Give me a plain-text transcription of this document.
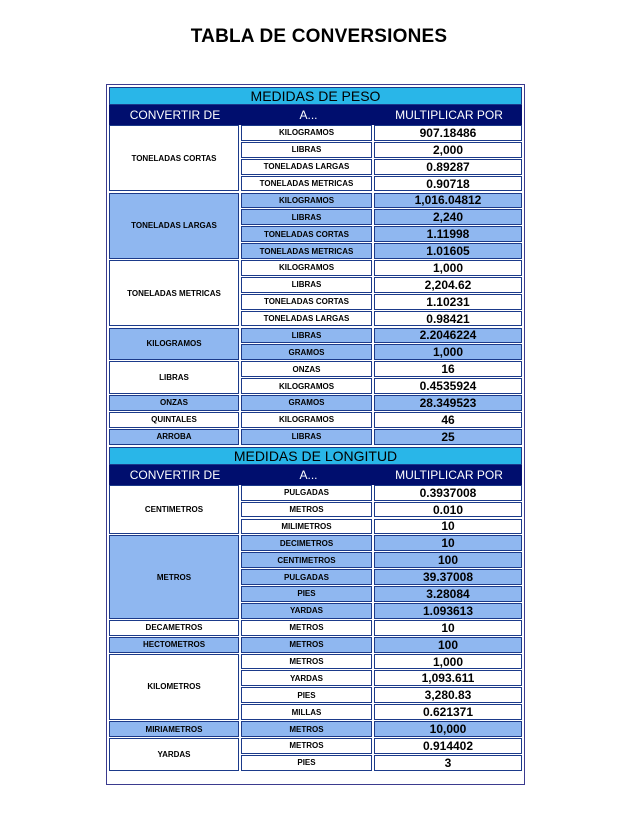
TABLA DE CONVERSIONES
MEDIDAS DE PESO
CONVERTIR DE	A...	MULTIPLICAR POR
TONELADAS CORTAS
KILOGRAMOS	907.18486
LIBRAS	2,000
TONELADAS LARGAS	0.89287
TONELADAS METRICAS	0.90718
TONELADAS LARGAS
KILOGRAMOS	1,016.04812
LIBRAS	2,240
TONELADAS CORTAS	1.11998
TONELADAS METRICAS	1.01605
TONELADAS METRICAS
KILOGRAMOS	1,000
LIBRAS	2,204.62
TONELADAS CORTAS	1.10231
TONELADAS LARGAS	0.98421
KILOGRAMOS
LIBRAS	2.2046224
GRAMOS	1,000
LIBRAS
ONZAS	16
KILOGRAMOS	0.4535924
ONZAS	GRAMOS	28.349523
QUINTALES	KILOGRAMOS	46
ARROBA	LIBRAS	25
MEDIDAS DE LONGITUD
CONVERTIR DE	A...	MULTIPLICAR POR
CENTIMETROS
PULGADAS	0.3937008
METROS	0.010
MILIMETROS	10
METROS
DECIMETROS	10
CENTIMETROS	100
PULGADAS	39.37008
PIES	3.28084
YARDAS	1.093613
DECAMETROS	METROS	10
HECTOMETROS	METROS	100
KILOMETROS
METROS	1,000
YARDAS	1,093.611
PIES	3,280.83
MILLAS	0.621371
MIRIAMETROS	METROS	10,000
YARDAS
METROS	0.914402
PIES	3
